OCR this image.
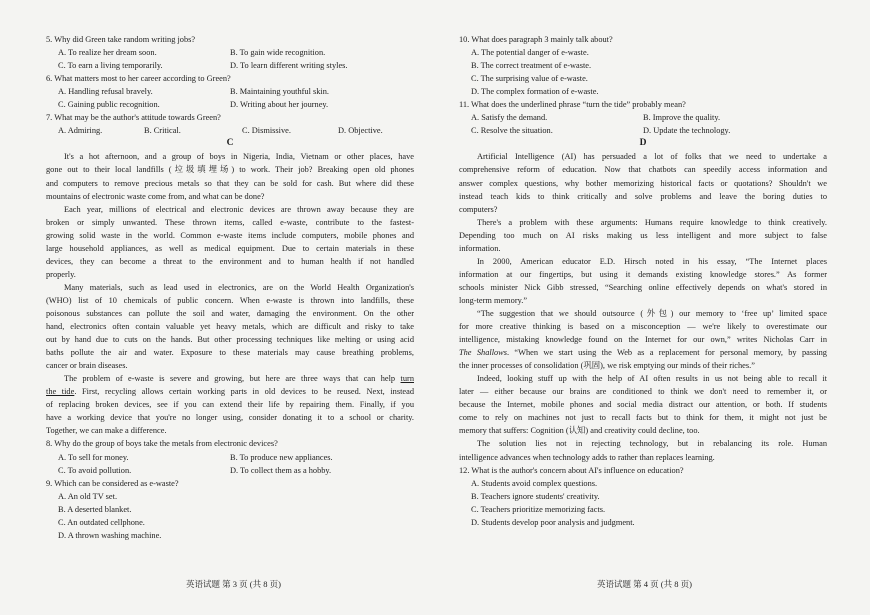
5. Why did Green take random writing jobs?
A. To realize her dream soon.	B. To gain wide recognition.
C. To earn a living temporarily.	D. To learn different writing styles.
6. What matters most to her career according to Green?
A. Handling refusal bravely.	B. Maintaining youthful skin.
C. Gaining public recognition.	D. Writing about her journey.
7. What may be the author's attitude towards Green?
A. Admiring.	B. Critical.	C. Dismissive.	D. Objective.
C
It's a hot afternoon, and a group of boys in Nigeria, India, Vietnam or other places, have
gone out to their local landfills (垃圾填埋场) to work. Their job? Breaking open old phones
and computers to remove precious metals so that they can be sold for cash. But where did these
mountains of electronic waste come from, and what can be done?
Each year, millions of electrical and electronic devices are thrown away because they are
broken or simply unwanted. These thrown items, called e-waste, contribute to the fastest-
growing solid waste in the world. Common e-waste items include computers, mobile phones and
large household appliances, as well as medical equipment. Due to certain materials in these
devices, they can become a threat to the environment and to human health if not handled
properly.
Many materials, such as lead used in electronics, are on the World Health Organization's
(WHO) list of 10 chemicals of public concern. When e-waste is thrown into landfills, these
poisonous substances can pollute the soil and water, damaging the environment. On the other
hand, electronics often contain valuable yet heavy metals, which are difficult and risky to take
out by hand due to cuts on the hands. But other processing techniques like melting or using acid
baths pollute the air and water. Exposure to these materials may cause breathing problems,
cancer or brain diseases.
The problem of e-waste is severe and growing, but here are three ways that can help turn
the tide. First, recycling allows certain working parts in old devices to be reused. Next, instead
of replacing broken devices, see if you can extend their life by repairing them. Finally, if you
have a working device that you're no longer using, consider donating it to a school or charity.
Together, we can make a difference.
8. Why do the group of boys take the metals from electronic devices?
A. To sell for money.	B. To produce new appliances.
C. To avoid pollution.	D. To collect them as a hobby.
9. Which can be considered as e-waste?
A. An old TV set.
B. A deserted blanket.
C. An outdated cellphone.
D. A thrown washing machine.
10. What does paragraph 3 mainly talk about?
A. The potential danger of e-waste.
B. The correct treatment of e-waste.
C. The surprising value of e-waste.
D. The complex formation of e-waste.
11. What does the underlined phrase “turn the tide” probably mean?
A. Satisfy the demand.	B. Improve the quality.
C. Resolve the situation.	D. Update the technology.
D
Artificial Intelligence (AI) has persuaded a lot of folks that we need to undertake a
comprehensive reform of education. Now that chatbots can speedily access information and
answer complex questions, why bother memorizing historical facts or quotations? Shouldn't we
instead teach kids to think critically and solve problems and leave the boring duties to
computers?
There's a problem with these arguments: Humans require knowledge to think creatively.
Depending too much on AI risks making us less intelligent and more subject to false
information.
In 2000, American educator E.D. Hirsch noted in his essay, “The Internet places
information at our fingertips, but using it demands existing knowledge stores.” As former
schools minister Nick Gibb stressed, “Searching online effectively depends on what's stored in
long-term memory.”
“The suggestion that we should outsource (外包) our memory to ‘free up’ limited space
for more creative thinking is based on a misconception — we're likely to overestimate our
intelligence, mistaking knowledge found on the Internet for our own,” writes Nicholas Carr in
The Shallows. “When we start using the Web as a replacement for personal memory, by passing
the inner processes of consolidation (巩固), we risk emptying our minds of their riches.”
Indeed, looking stuff up with the help of AI often results in us not being able to recall it
later — either because our brains are conditioned to think we don't need to remember it, or
because the Internet, mobile phones and social media distract our attention, or both. If students
come to rely on machines not just to recall facts but to think for them, it might not just be
memory that suffers: Cognition (认知) and creativity could decline, too.
The solution lies not in rejecting technology, but in rebalancing its role. Human
intelligence advances when technology adds to rather than replaces learning.
12. What is the author's concern about AI's influence on education?
A. Students avoid complex questions.
B. Teachers ignore students' creativity.
C. Teachers prioritize memorizing facts.
D. Students develop poor analysis and judgment.
英语试题 第 3 页 (共 8 页)	英语试题 第 4 页 (共 8 页)
